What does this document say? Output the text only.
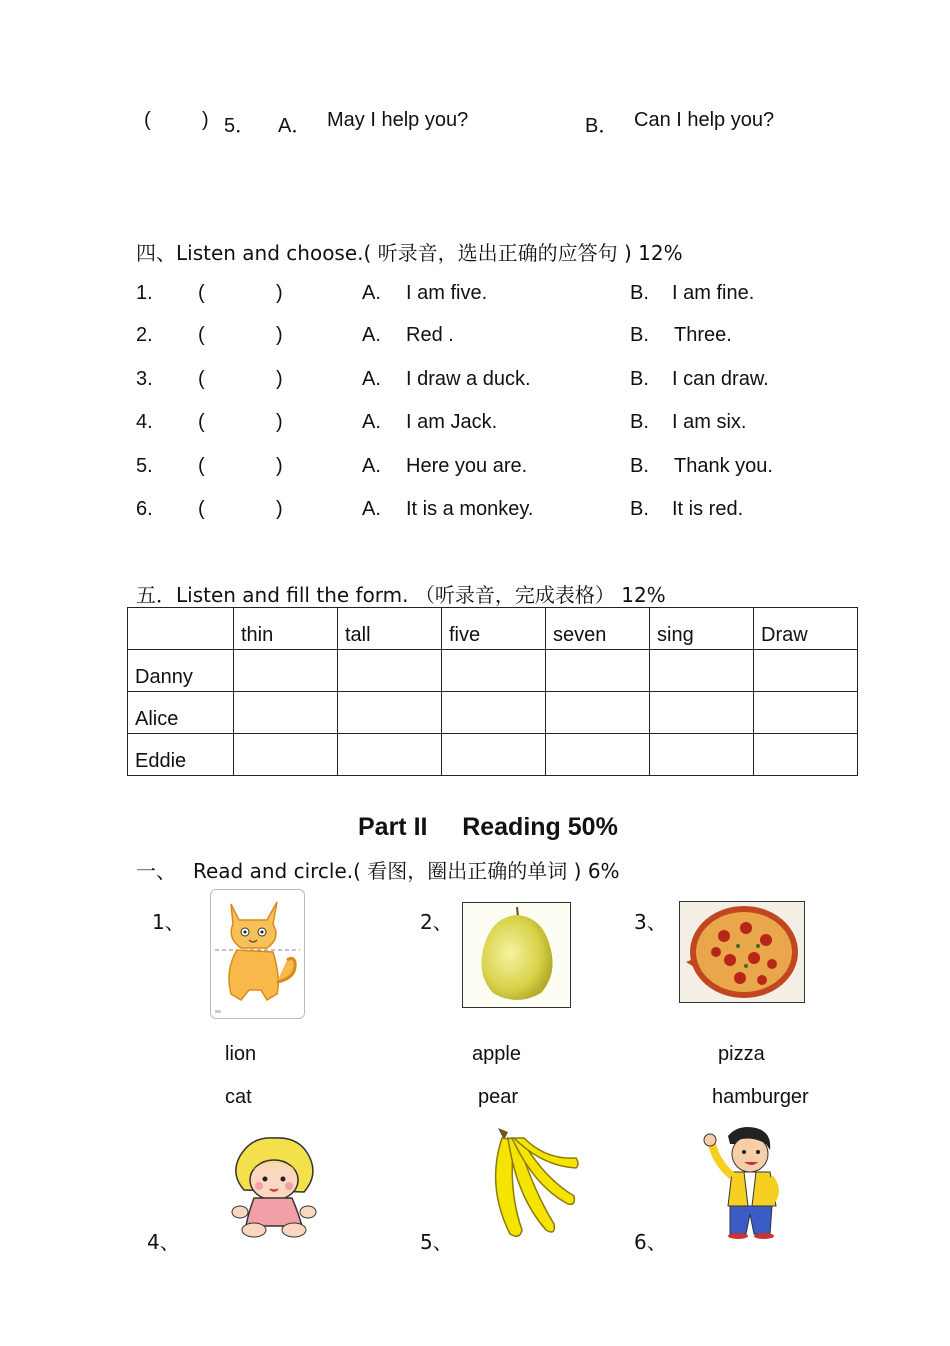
(	) 5． A． May I help you?	B． Can I help you?
四、Listen and choose.( 听录音，选出正确的应答句 ) 12%
1. (	)	A. I am five.	B. I am fine.
2. (	)	A. Red .	B. Three.
3. (	)	A. I draw a duck.	B. I can draw.
4. (	)	A. I am Jack.	B. I am six.
5. (	)	A. Here you are.	B. Thank you.
6. (	)	A. It is a monkey.	B. It is red.
五．Listen and fill the form. （听录音，完成表格） 12%
	thin	tall	five	seven	sing	Draw
Danny						
Alice						
Eddie						
Part II     Reading 50%
一、 Read and circle.( 看图，圈出正确的单词 ) 6%
1、	2、	3、
lion
cat
apple
pear
pizza
hamburger
4、	5、	6、
